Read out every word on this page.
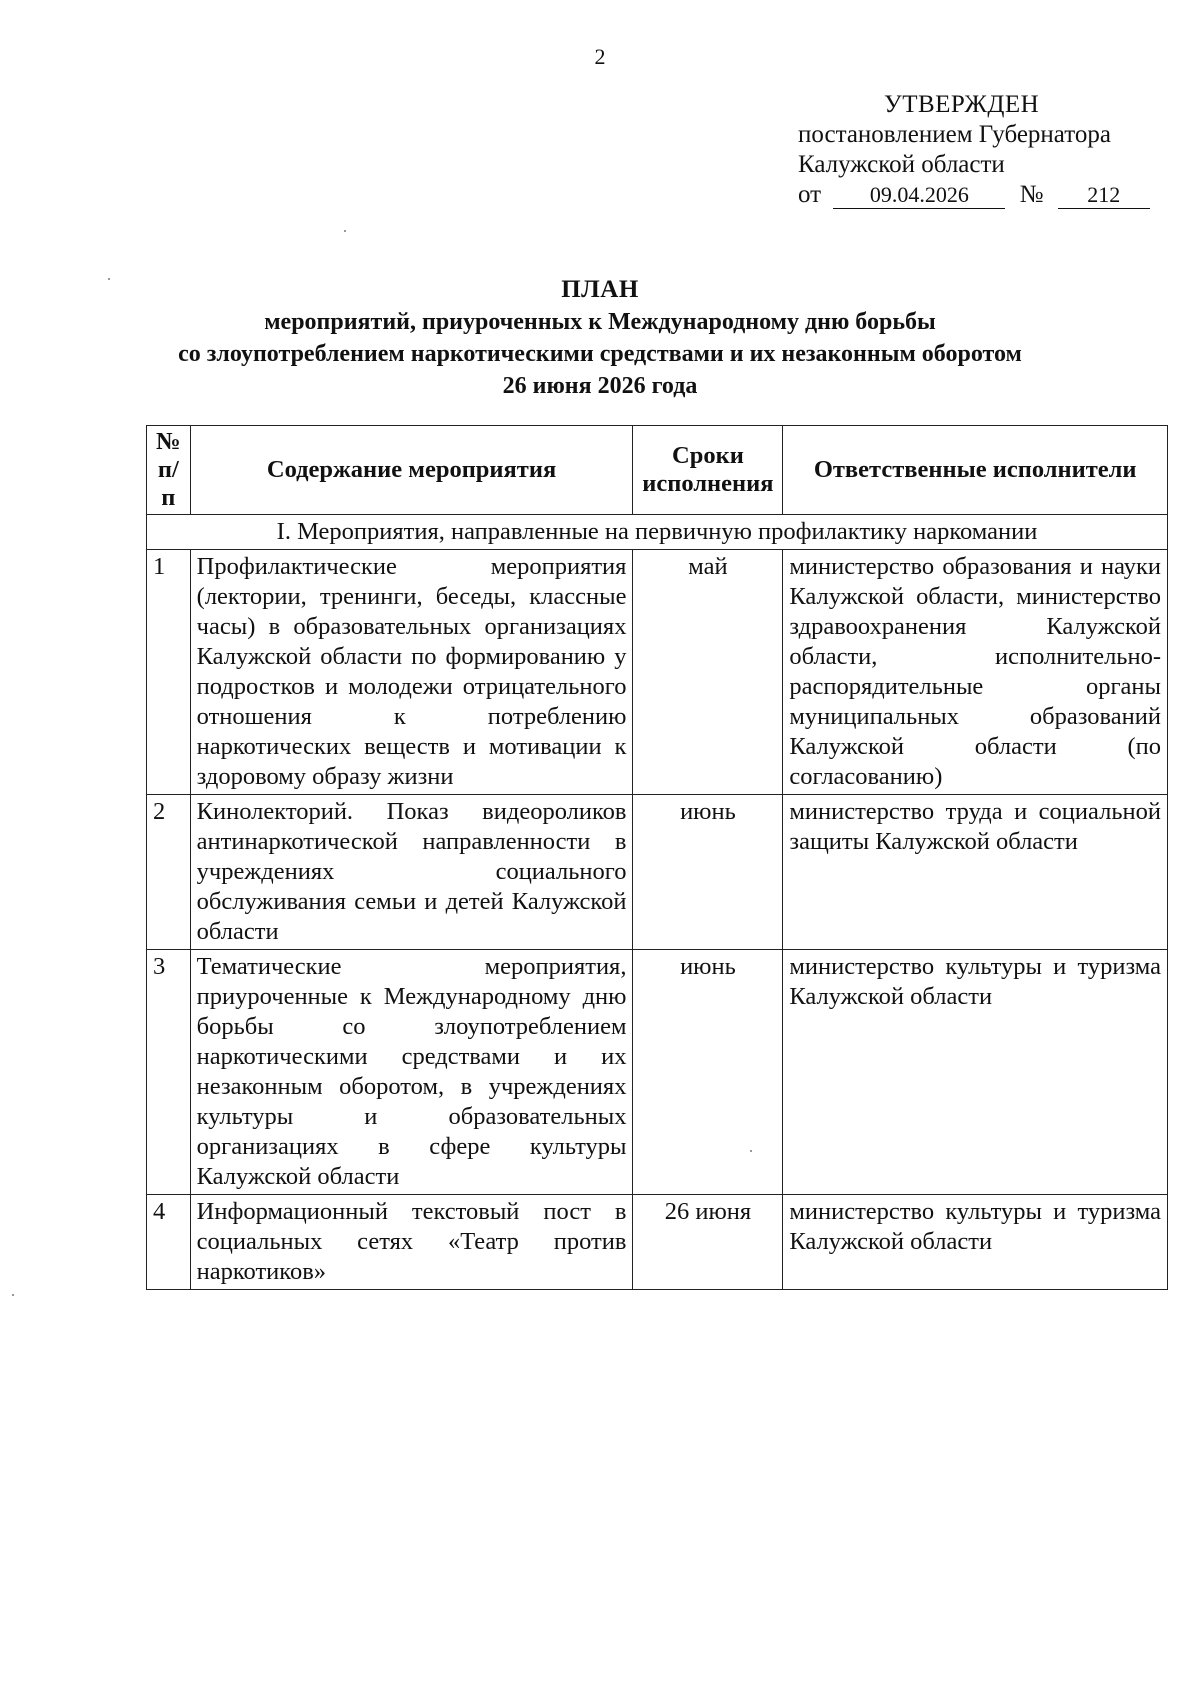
2
УТВЕРЖДЕН
постановлением Губернатора
Калужской области
от 09.04.2026 № 212
ПЛАН
мероприятий, приуроченных к Международному дню борьбы
со злоупотреблением наркотическими средствами и их незаконным оборотом
26 июня 2026 года
№ п/п	Содержание мероприятия	Сроки исполнения	Ответственные исполнители
I. Мероприятия, направленные на первичную профилактику наркомании			
1	Профилактические мероприятия (лектории, тренинги, беседы, классные часы) в образовательных организациях Калужской области по формированию у подростков и молодежи отрицательного отношения к потреблению наркотических веществ и мотивации к здоровому образу жизни	май	министерство образования и науки Калужской области, министерство здравоохранения Калужской области, исполнительно-распорядительные органы муниципальных образований Калужской области (по согласованию)
2	Кинолекторий. Показ видеороликов антинаркотической направленности в учреждениях социального обслуживания семьи и детей Калужской области	июнь	министерство труда и социальной защиты Калужской области
3	Тематические мероприятия, приуроченные к Международному дню борьбы со злоупотреблением наркотическими средствами и их незаконным оборотом, в учреждениях культуры и образовательных организациях в сфере культуры Калужской области	июнь	министерство культуры и туризма Калужской области
4	Информационный текстовый пост в социальных сетях «Театр против наркотиков»	26 июня	министерство культуры и туризма Калужской области
